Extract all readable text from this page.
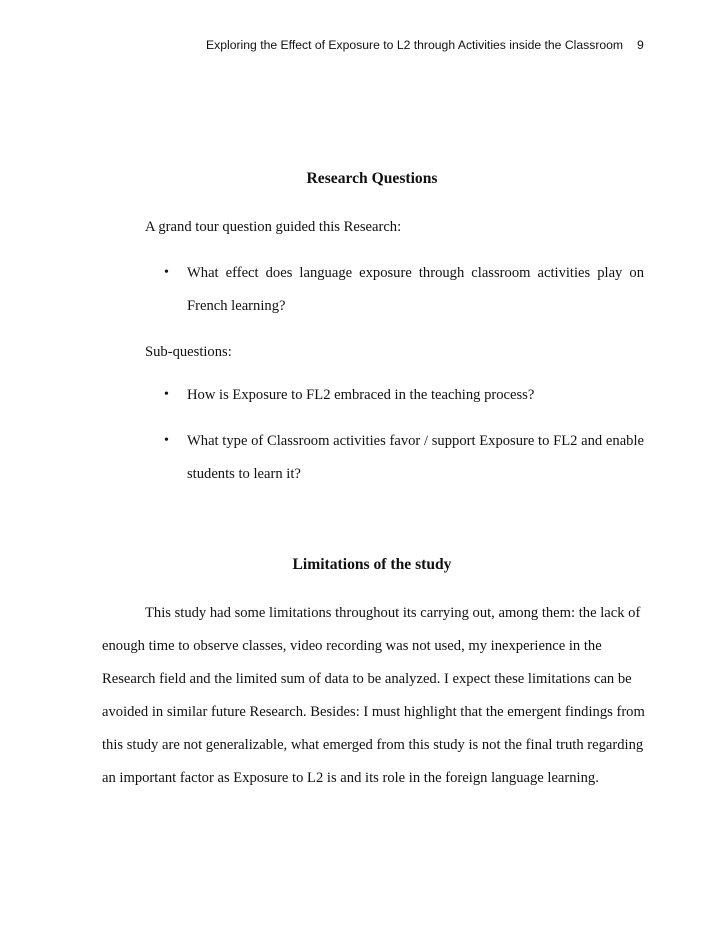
Exploring the Effect of Exposure to L2 through Activities inside the Classroom 9
Research Questions
A grand tour question guided this Research:
• What effect does language exposure through classroom activities play on
French learning?
Sub-questions:
• How is Exposure to FL2 embraced in the teaching process?
• What type of Classroom activities favor / support Exposure to FL2 and enable
students to learn it?
Limitations of the study
This study had some limitations throughout its carrying out, among them: the lack of
enough time to observe classes, video recording was not used, my inexperience in the
Research field and the limited sum of data to be analyzed. I expect these limitations can be
avoided in similar future Research. Besides: I must highlight that the emergent findings from
this study are not generalizable, what emerged from this study is not the final truth regarding
an important factor as Exposure to L2 is and its role in the foreign language learning.
